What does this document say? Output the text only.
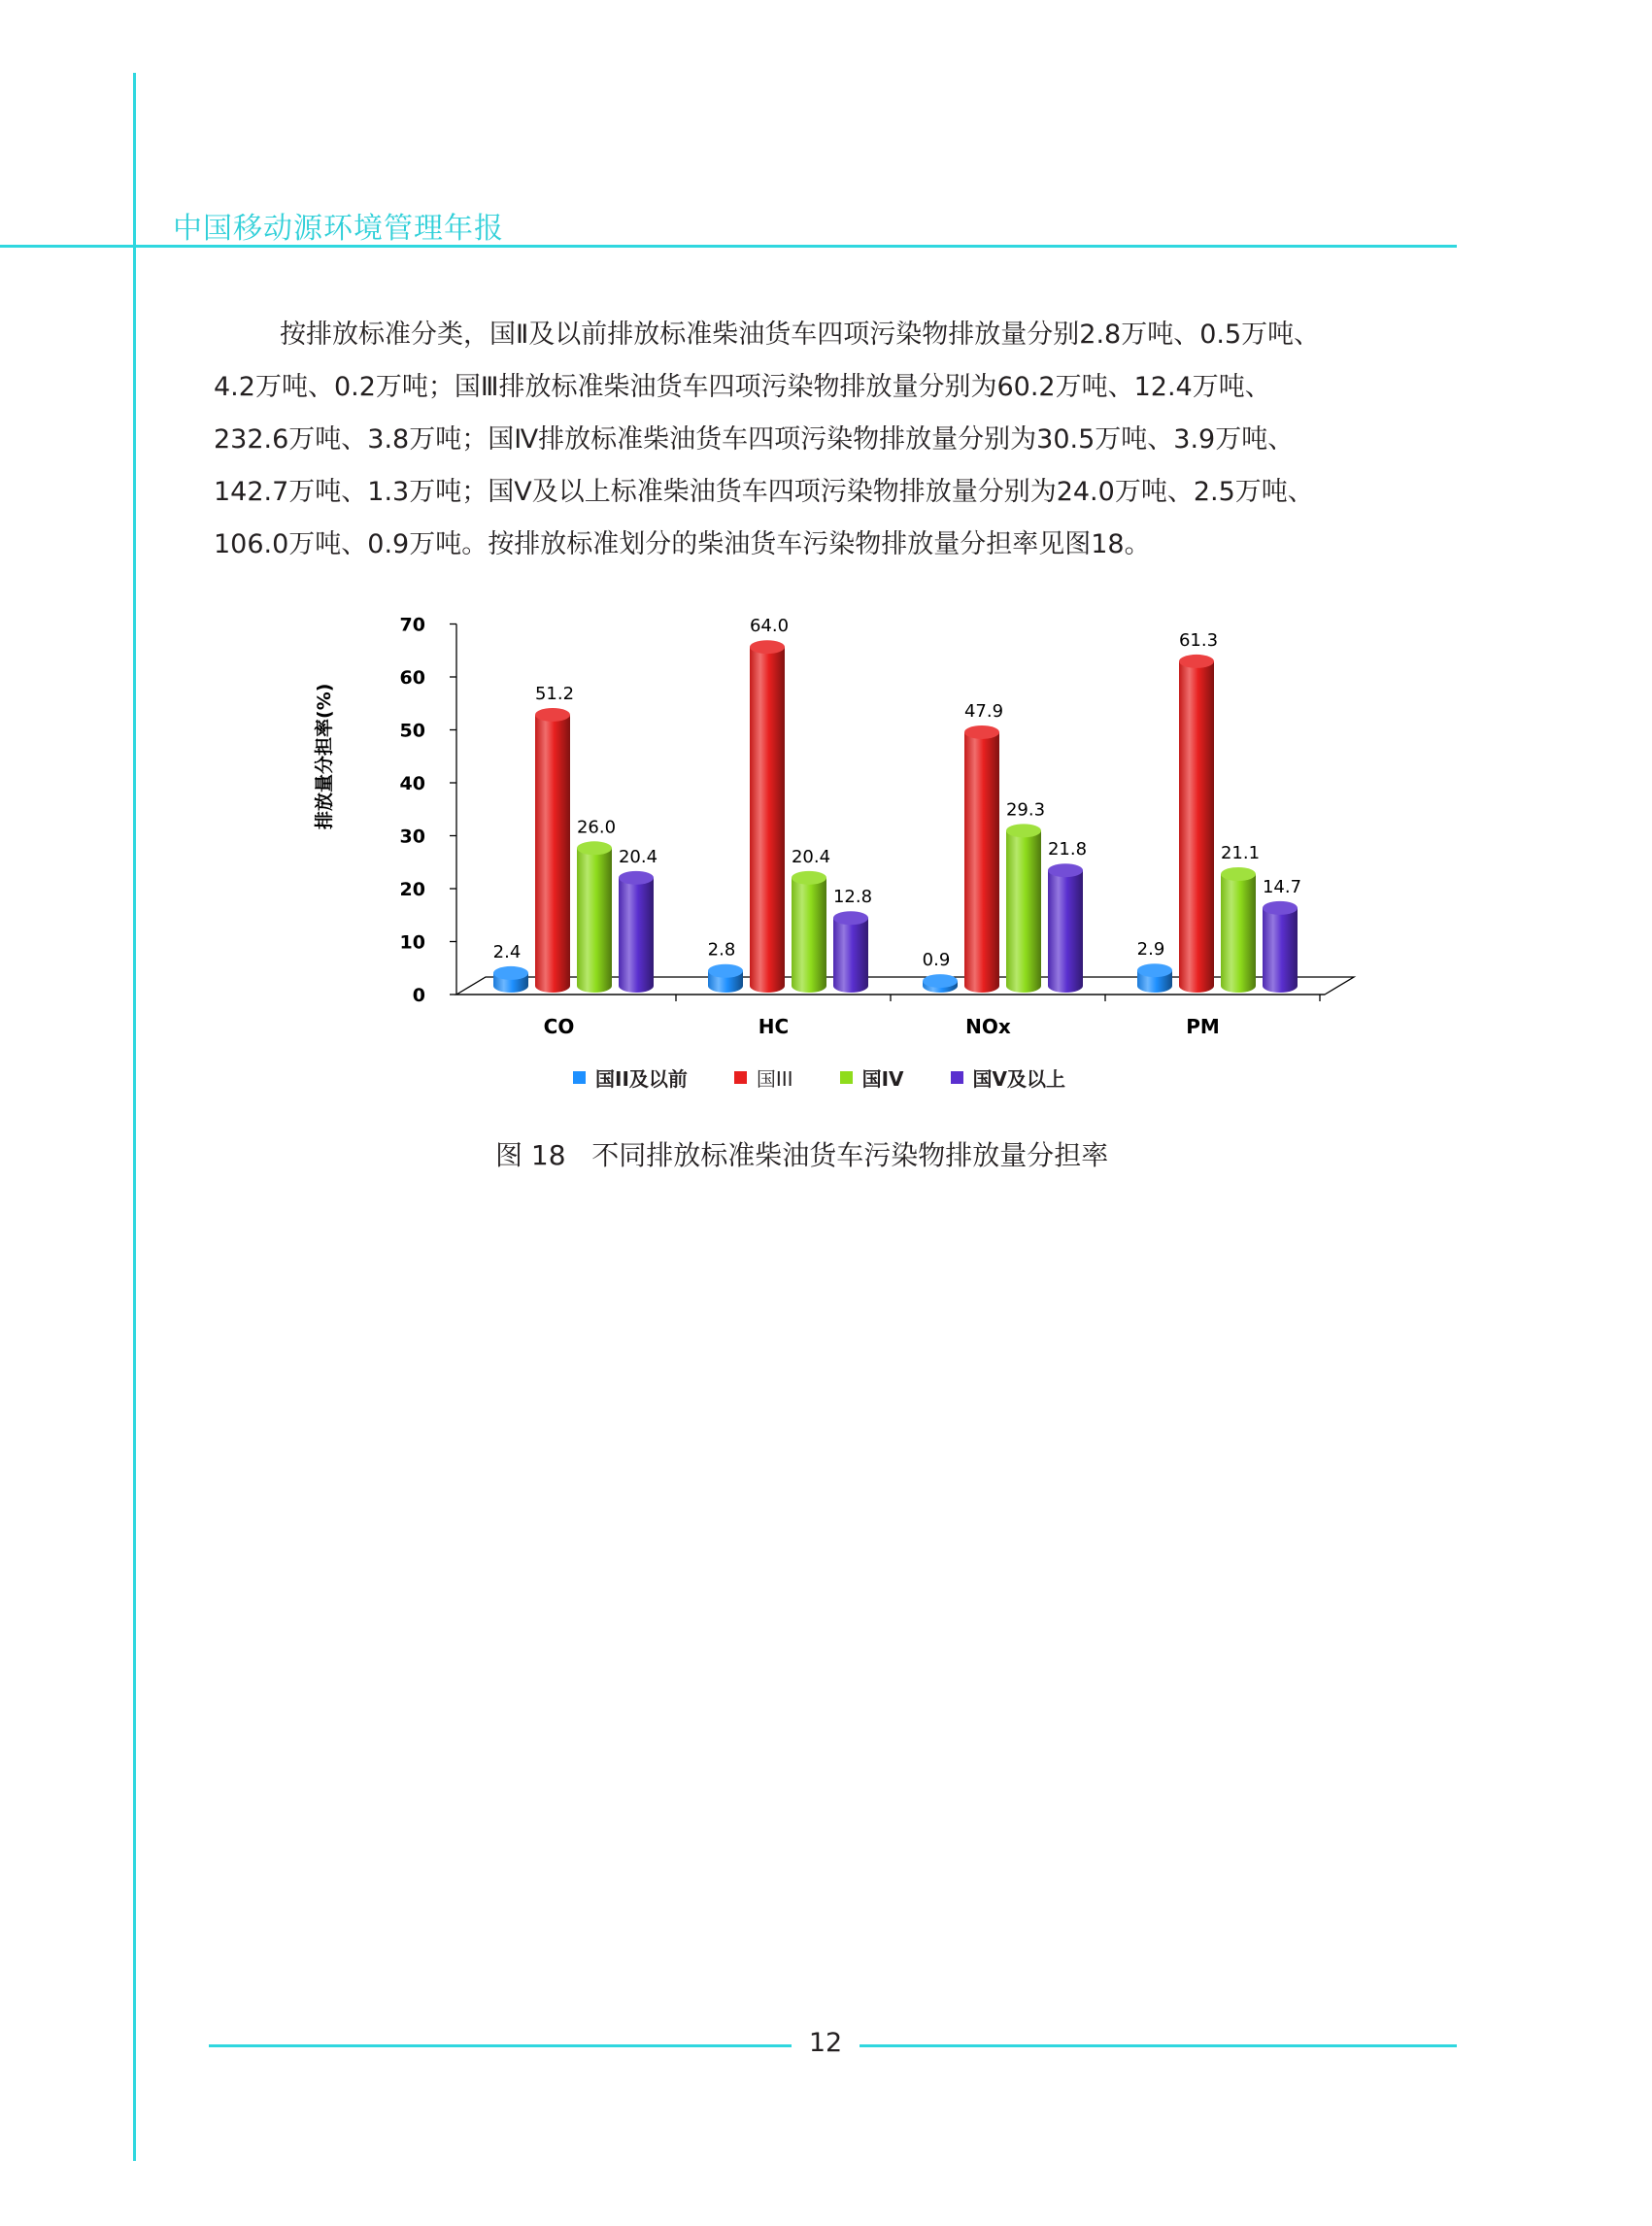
中国移动源环境管理年报
按排放标准分类，国Ⅱ及以前排放标准柴油货车四项污染物排放量分别2.8万吨、0.5万吨、
4.2万吨、0.2万吨；国Ⅲ排放标准柴油货车四项污染物排放量分别为60.2万吨、12.4万吨、
232.6万吨、3.8万吨；国Ⅳ排放标准柴油货车四项污染物排放量分别为30.5万吨、3.9万吨、
142.7万吨、1.3万吨；国Ⅴ及以上标准柴油货车四项污染物排放量分别为24.0万吨、2.5万吨、
106.0万吨、0.9万吨。按排放标准划分的柴油货车污染物排放量分担率见图18。
0
10
20
30
40
50
60
70
CO	HC	NOx	PM
排放量分担率(%)
2.4
51.2
26.0
20.4
2.8
64.0
20.4
12.8
0.9
47.9
29.3
21.8
2.9
61.3
21.1
14.7
国II及以前	国III	国IV	国V及以上
图 18   不同排放标准柴油货车污染物排放量分担率
12
